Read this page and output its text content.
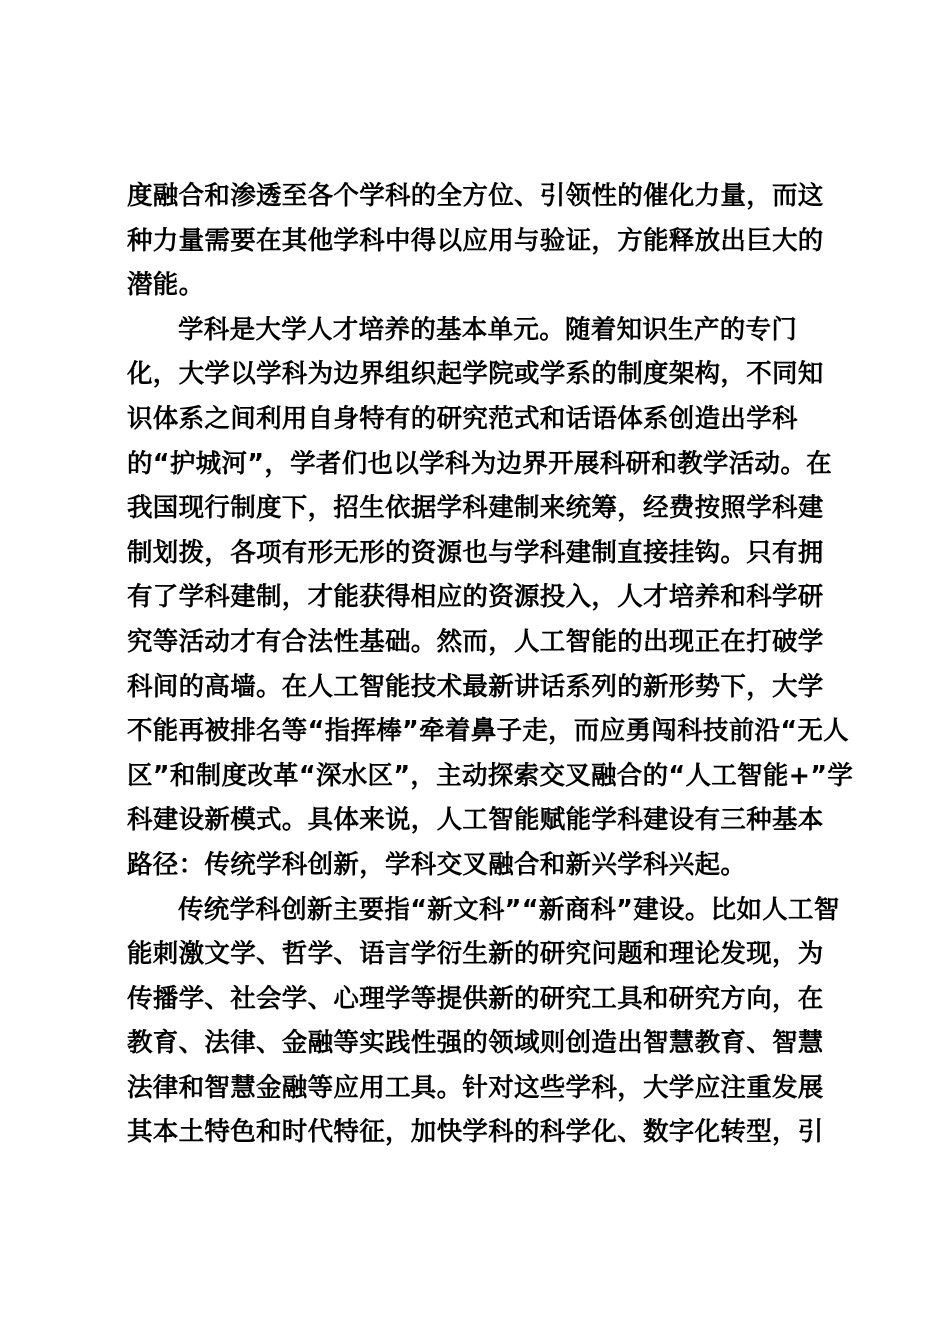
度融合和渗透至各个学科的全方位、引领性的催化力量，而这
种力量需要在其他学科中得以应用与验证，方能释放出巨大的
潜能。
学科是大学人才培养的基本单元。随着知识生产的专门
化，大学以学科为边界组织起学院或学系的制度架构，不同知
识体系之间利用自身特有的研究范式和话语体系创造出学科
的“护城河”，学者们也以学科为边界开展科研和教学活动。在
我国现行制度下，招生依据学科建制来统筹，经费按照学科建
制划拨，各项有形无形的资源也与学科建制直接挂钩。只有拥
有了学科建制，才能获得相应的资源投入，人才培养和科学研
究等活动才有合法性基础。然而，人工智能的出现正在打破学
科间的高墙。在人工智能技术最新讲话系列的新形势下，大学
不能再被排名等“指挥棒”牵着鼻子走，而应勇闯科技前沿“无人
区”和制度改革“深水区”，主动探索交叉融合的“人工智能+”学
科建设新模式。具体来说，人工智能赋能学科建设有三种基本
路径：传统学科创新，学科交叉融合和新兴学科兴起。
传统学科创新主要指“新文科”“新商科”建设。比如人工智
能刺激文学、哲学、语言学衍生新的研究问题和理论发现，为
传播学、社会学、心理学等提供新的研究工具和研究方向，在
教育、法律、金融等实践性强的领域则创造出智慧教育、智慧
法律和智慧金融等应用工具。针对这些学科，大学应注重发展
其本土特色和时代特征，加快学科的科学化、数字化转型，引
